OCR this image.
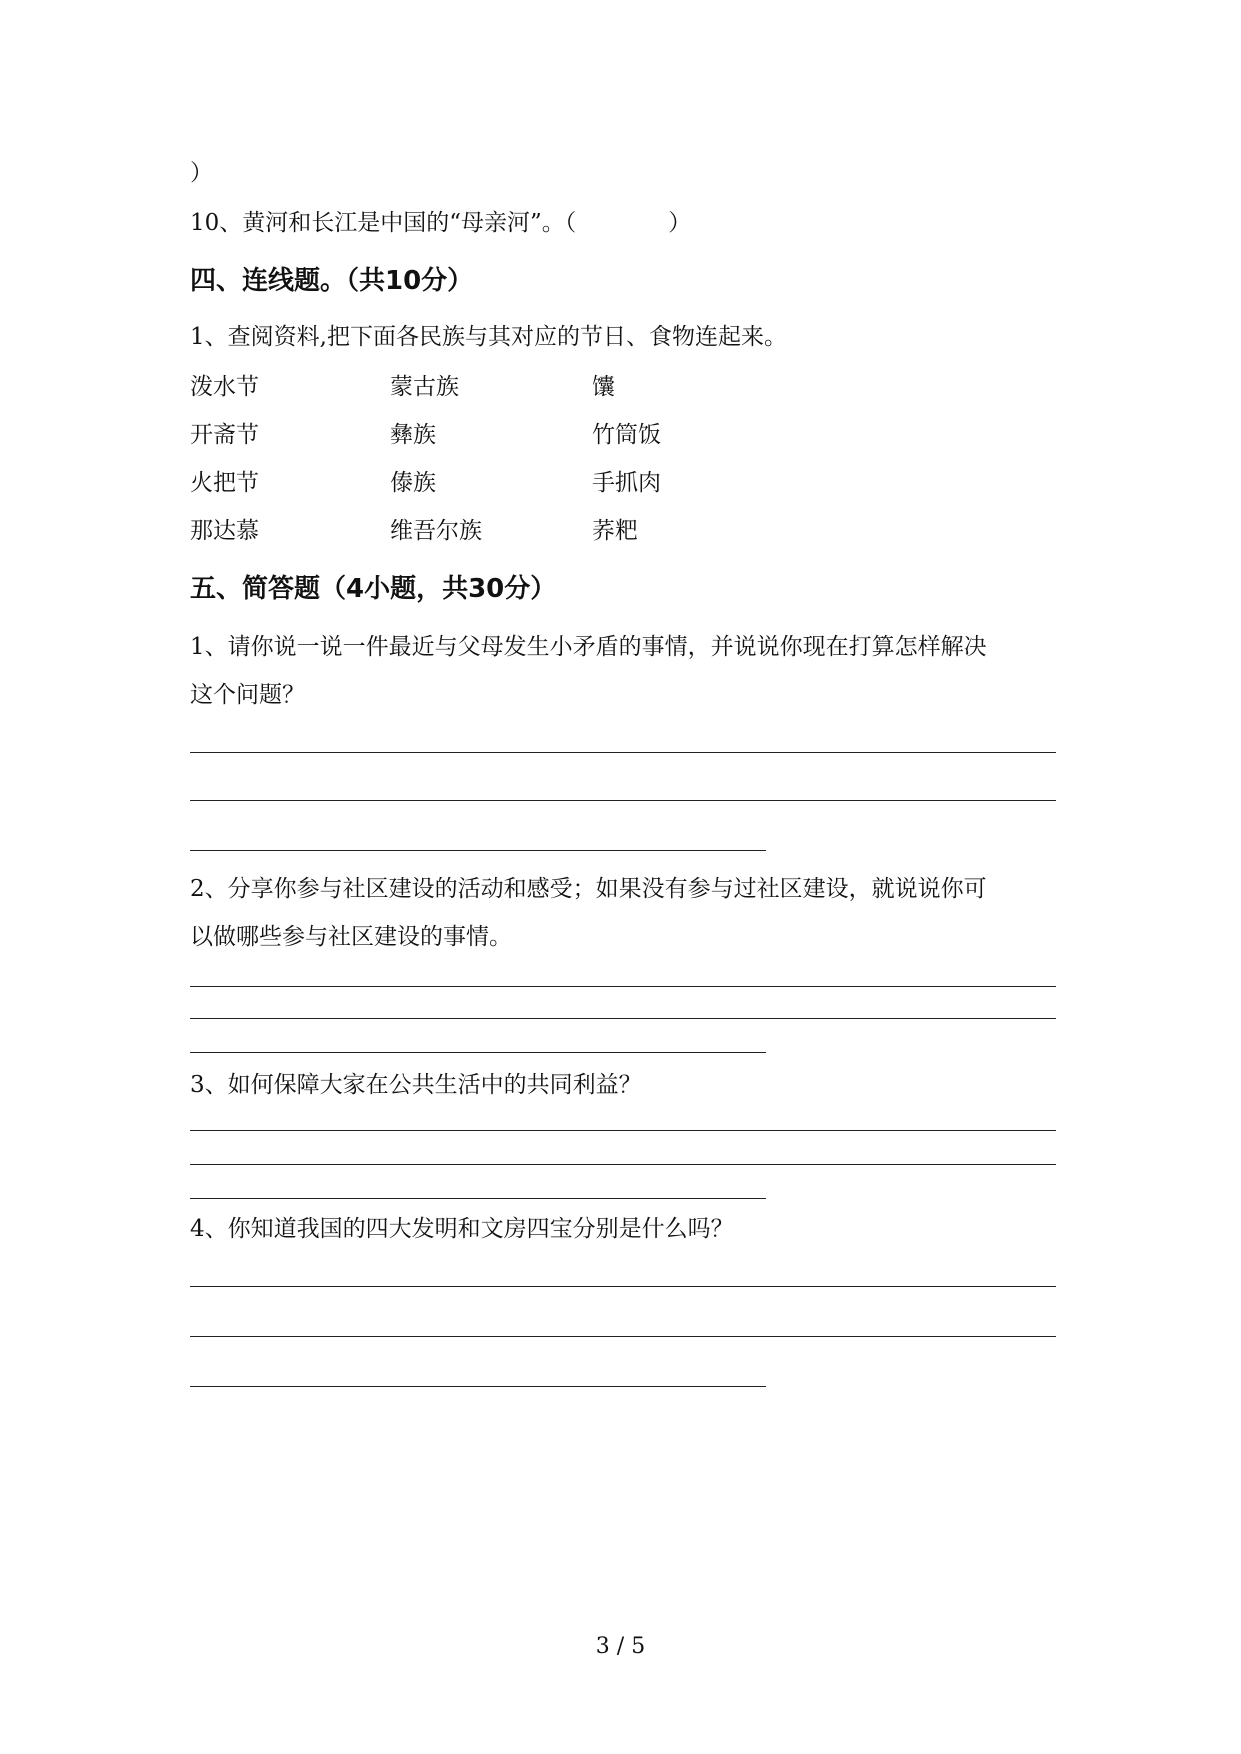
）
10、黄河和长江是中国的“母亲河”。（　　　　）
四、连线题。（共10分）
1、查阅资料,把下面各民族与其对应的节日、食物连起来。
泼水节	蒙古族	馕
开斋节	彝族	竹筒饭
火把节	傣族	手抓肉
那达慕	维吾尔族	荞粑
五、简答题（4小题，共30分）
1、请你说一说一件最近与父母发生小矛盾的事情，并说说你现在打算怎样解决
这个问题？
2、分享你参与社区建设的活动和感受；如果没有参与过社区建设，就说说你可
以做哪些参与社区建设的事情。
3、如何保障大家在公共生活中的共同利益？
4、你知道我国的四大发明和文房四宝分别是什么吗？
3 / 5
